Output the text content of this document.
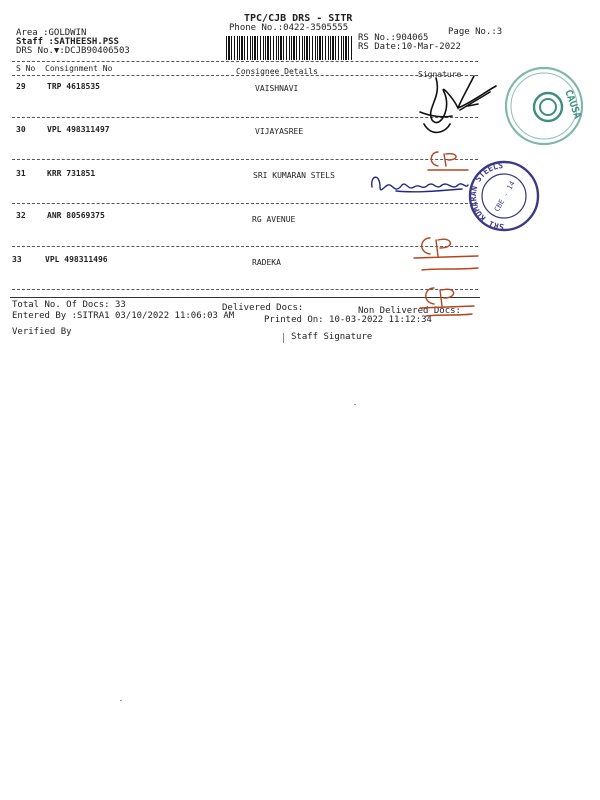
TPC/CJB DRS - SITR
Phone No.:0422-3505555
Area :GOLDWIN
Staff :SATHEESH.PSS
DRS No.▼:DCJB90406503
RS No.:904065
RS Date:10-Mar-2022
Page No.:3
S No Consignment No	Consignee Details	Signature
29	TRP 4618535	VAISHNAVI
30	VPL 498311497	VIJAYASREE
31	KRR 731851	SRI KUMARAN STELS
32	ANR 80569375	RG AVENUE
33	VPL 498311496	RADEKA
Total No. Of Docs: 33	Delivered Docs:	Non Delivered Docs:
Entered By :SITRA1 03/10/2022 11:06:03 AM	Printed On: 10-03-2022 11:12:34
Verified By	Staff Signature
CAUSA
SRI KUMARAN STEELS
CBE - 14
